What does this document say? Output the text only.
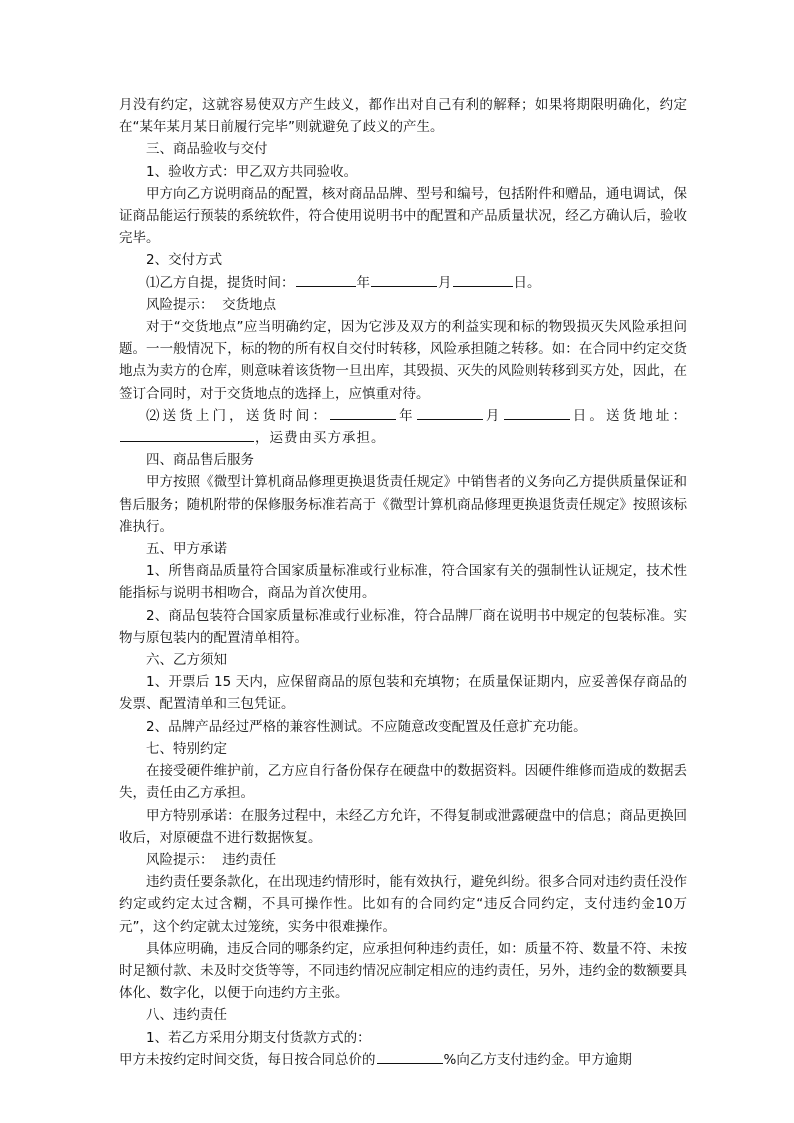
月没有约定，这就容易使双方产生歧义，都作出对自己有利的解释；如果将期限明确化，约定在“某年某月某日前履行完毕”则就避免了歧义的产生。

三、商品验收与交付

1、验收方式：甲乙双方共同验收。

甲方向乙方说明商品的配置，核对商品品牌、型号和编号，包括附件和赠品，通电调试，保证商品能运行预装的系统软件，符合使用说明书中的配置和产品质量状况，经乙方确认后，验收完毕。

2、交付方式

⑴乙方自提，提货时间：	年	月	日。

风险提示： 交货地点

对于“交货地点”应当明确约定，因为它涉及双方的利益实现和标的物毁损灭失风险承担问题。一一般情况下，标的物的所有权自交付时转移，风险承担随之转移。如：在合同中约定交货地点为卖方的仓库，则意味着该货物一旦出库，其毁损、灭失的风险则转移到买方处，因此，在签订合同时，对于交货地点的选择上，应慎重对待。

⑵送货上门，送货时间：	年	月	日。送货地址：，运费由买方承担。

四、商品售后服务

甲方按照《微型计算机商品修理更换退货责任规定》中销售者的义务向乙方提供质量保证和售后服务；随机附带的保修服务标准若高于《微型计算机商品修理更换退货责任规定》按照该标准执行。

五、甲方承诺

1、所售商品质量符合国家质量标准或行业标准，符合国家有关的强制性认证规定，技术性能指标与说明书相吻合，商品为首次使用。

2、商品包装符合国家质量标准或行业标准，符合品牌厂商在说明书中规定的包装标准。实物与原包装内的配置清单相符。

六、乙方须知

1、开票后 15 天内，应保留商品的原包装和充填物；在质量保证期内，应妥善保存商品的发票、配置清单和三包凭证。

2、品牌产品经过严格的兼容性测试。不应随意改变配置及任意扩充功能。

七、特别约定

在接受硬件维护前，乙方应自行备份保存在硬盘中的数据资料。因硬件维修而造成的数据丢失，责任由乙方承担。

甲方特别承诺：在服务过程中，未经乙方允许，不得复制或泄露硬盘中的信息；商品更换回收后，对原硬盘不进行数据恢复。

风险提示： 违约责任

违约责任要条款化，在出现违约情形时，能有效执行，避免纠纷。很多合同对违约责任没作约定或约定太过含糊，不具可操作性。比如有的合同约定“违反合同约定，支付违约金10万元”，这个约定就太过笼统，实务中很难操作。

具体应明确，违反合同的哪条约定，应承担何种违约责任，如：质量不符、数量不符、未按时足额付款、未及时交货等等，不同违约情况应制定相应的违约责任，另外，违约金的数额要具体化、数字化，以便于向违约方主张。

八、违约责任

1、若乙方采用分期支付货款方式的：

甲方未按约定时间交货，每日按合同总价的	%向乙方支付违约金。甲方逾期
